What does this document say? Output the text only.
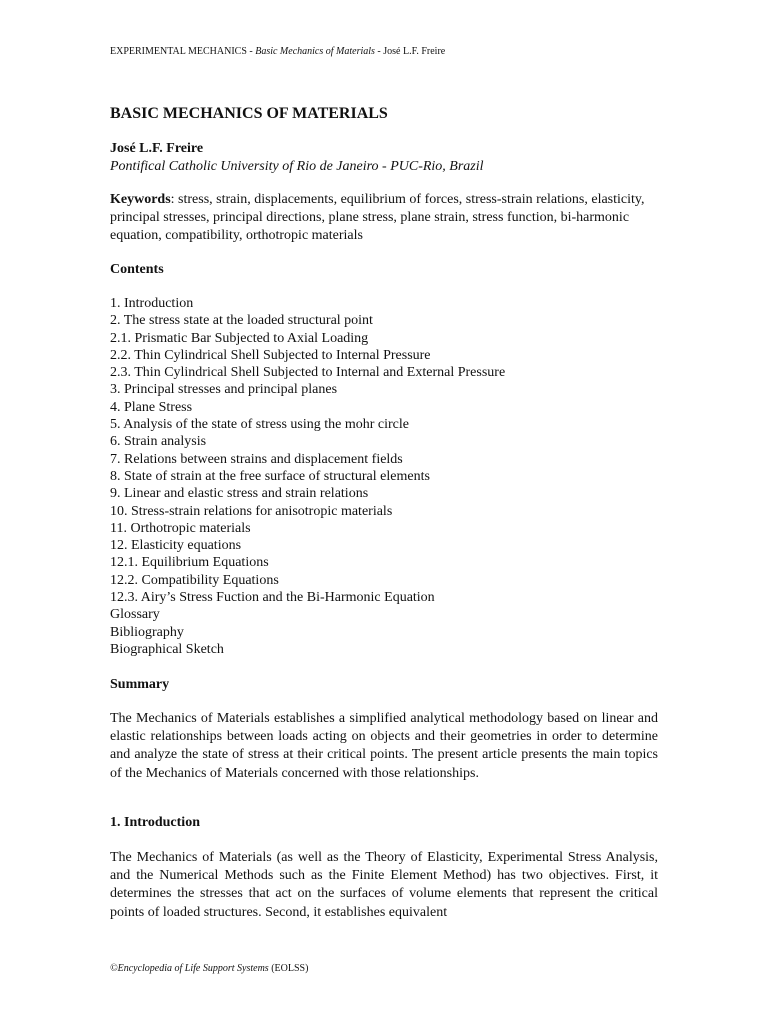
EXPERIMENTAL MECHANICS - Basic Mechanics of Materials - José L.F. Freire
BASIC MECHANICS OF MATERIALS
José L.F. Freire
Pontifical Catholic University of Rio de Janeiro - PUC-Rio, Brazil
Keywords: stress, strain, displacements, equilibrium of forces, stress-strain relations, elasticity, principal stresses, principal directions, plane stress, plane strain, stress function, bi-harmonic equation, compatibility, orthotropic materials
Contents
1. Introduction
2. The stress state at the loaded structural point
2.1. Prismatic Bar Subjected to Axial Loading
2.2. Thin Cylindrical Shell Subjected to Internal Pressure
2.3. Thin Cylindrical Shell Subjected to Internal and External Pressure
3. Principal stresses and principal planes
4. Plane Stress
5. Analysis of the state of stress using the mohr circle
6. Strain analysis
7. Relations between strains and displacement fields
8. State of strain at the free surface of structural elements
9. Linear and elastic stress and strain relations
10. Stress-strain relations for anisotropic materials
11. Orthotropic materials
12. Elasticity equations
12.1. Equilibrium Equations
12.2. Compatibility Equations
12.3. Airy’s Stress Fuction and the Bi-Harmonic Equation
Glossary
Bibliography
Biographical Sketch
Summary

The Mechanics of Materials establishes a simplified analytical methodology based on linear and elastic relationships between loads acting on objects and their geometries in order to determine and analyze the state of stress at their critical points. The present article presents the main topics of the Mechanics of Materials concerned with those relationships.

1. Introduction

The Mechanics of Materials (as well as the Theory of Elasticity, Experimental Stress Analysis, and the Numerical Methods such as the Finite Element Method) has two objectives. First, it determines the stresses that act on the surfaces of volume elements that represent the critical points of loaded structures. Second, it establishes equivalent

©Encyclopedia of Life Support Systems (EOLSS)
